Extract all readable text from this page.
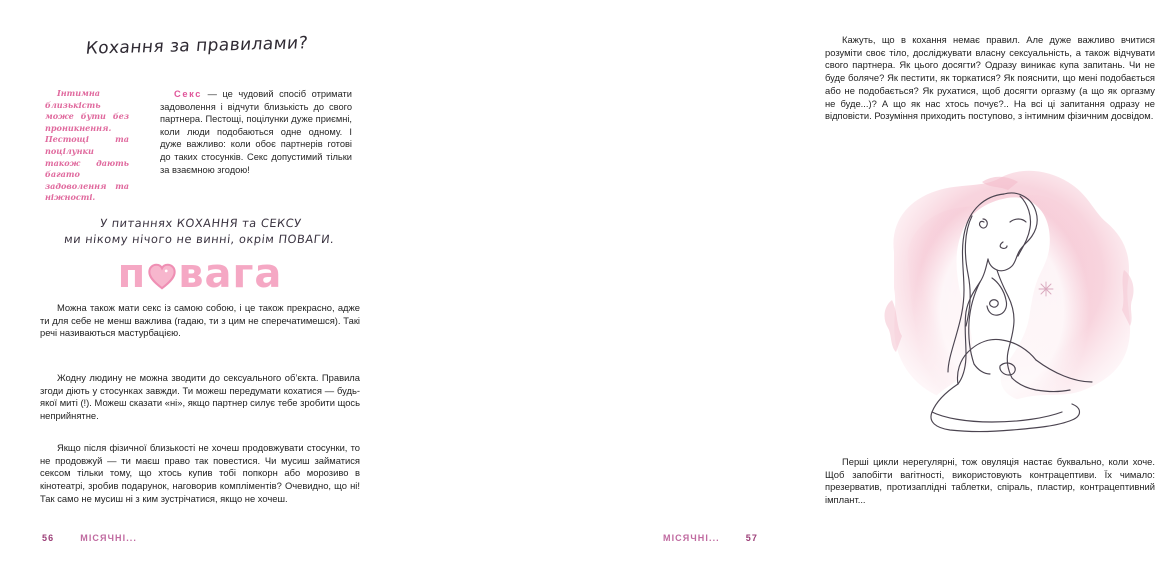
Кохання за правилами?
Інтимна близькість може бути без проникнення. Пестощі та поцілунки також дають багато задоволення та ніжності.
Секс — це чудовий спосіб отримати задоволення і відчути близькість до свого партнера. Пестощі, поцілунки дуже приємні, коли люди подобаються одне одному. І дуже важливо: коли обоє партнерів готові до таких стосунків. Секс допустимий тільки за взаємною згодою!
У питаннях КОХАННЯ та СЕКСУ
ми нікому нічого не винні, окрім ПОВАГИ.
п вага
Можна також мати секс із самою собою, і це також прекрасно, адже ти для себе не менш важлива (гадаю, ти з цим не сперечатимешся). Такі речі називаються мастурбацією.
Жодну людину не можна зводити до сексуального об’єкта. Правила згоди діють у стосунках завжди. Ти можеш передумати кохатися — будь-якої миті (!). Можеш сказати «ні», якщо партнер силує тебе зробити щось неприйнятне.
Якщо після фізичної близькості не хочеш продовжувати стосунки, то не продовжуй — ти маєш право так повестися. Чи мусиш займатися сексом тільки тому, що хтось купив тобі попкорн або морозиво в кінотеатрі, зробив подарунок, наговорив компліментів? Очевидно, що ні! Так само не мусиш ні з ким зустрічатися, якщо не хочеш.
56	МІСЯЧНІ...
Кажуть, що в кохання немає правил. Але дуже важливо вчитися розуміти своє тіло, досліджувати власну сексуальність, а також відчувати свого партнера. Як цього досягти? Одразу виникає купа запитань. Чи не буде боляче? Як пестити, як торкатися? Як пояснити, що мені подобається або не подобається? Як рухатися, щоб досягти оргазму (а що як оргазму не буде...)? А що як нас хтось почує?.. На всі ці запитання одразу не відповісти. Розуміння приходить поступово, з інтимним фізичним досвідом.
Перші цикли нерегулярні, тож овуляція настає буквально, коли хоче. Щоб запобігти вагітності, використовують контрацептиви. Їх чимало: презерватив, протизаплідні таблетки, спіраль, пластир, контрацептивний імплант...
МІСЯЧНІ...	57
